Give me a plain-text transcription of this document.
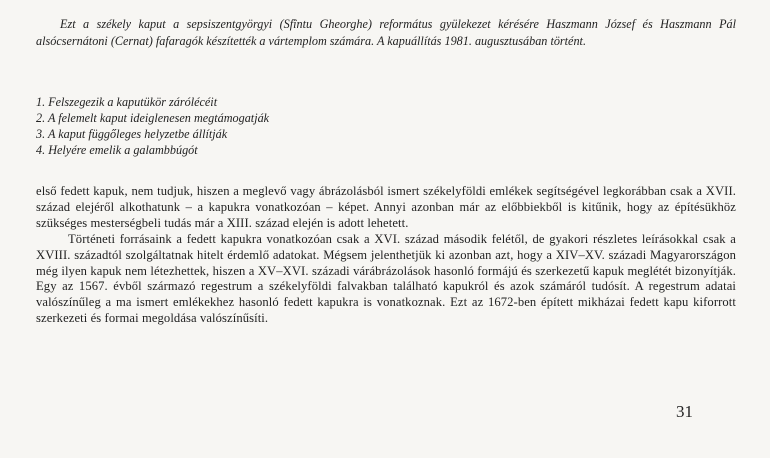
Ezt a székely kaput a sepsiszentgyörgyi (Sfîntu Gheorghe) református gyülekezet kérésére Haszmann József és Haszmann Pál alsócsernátoni (Cernat) fafaragók készítették a vártemplom számára. A kapuállítás 1981. augusztusában történt.

1. Felszegezik a kaputükör zárólécéit
2. A felemelt kaput ideiglenesen megtámogatják
3. A kaput függőleges helyzetbe állítják
4. Helyére emelik a galambbúgót

első fedett kapuk, nem tudjuk, hiszen a meglevő vagy ábrázolásból ismert székelyföldi emlékek segítségével legkorábban csak a XVII. század elejéről alkothatunk – a kapukra vonatkozóan – képet. Annyi azonban már az előbbiekből is kitűnik, hogy az építésükhöz szükséges mesterségbeli tudás már a XIII. század elején is adott lehetett.

Történeti forrásaink a fedett kapukra vonatkozóan csak a XVI. század második felétől, de gyakori részletes leírásokkal csak a XVIII. századtól szolgáltatnak hitelt érdemlő adatokat. Mégsem jelenthetjük ki azonban azt, hogy a XIV–XV. századi Magyarországon még ilyen kapuk nem létezhettek, hiszen a XV–XVI. századi várábrázolások hasonló formájú és szerkezetű kapuk meglétét bizonyítják. Egy az 1567. évből származó regestrum a székelyföldi falvakban található kapukról és azok számáról tudósít. A regestrum adatai valószínűleg a ma ismert emlékekhez hasonló fedett kapukra is vonatkoznak. Ezt az 1672-ben épített mikházai fedett kapu kiforrott szerkezeti és formai megoldása valószínűsíti.

31
